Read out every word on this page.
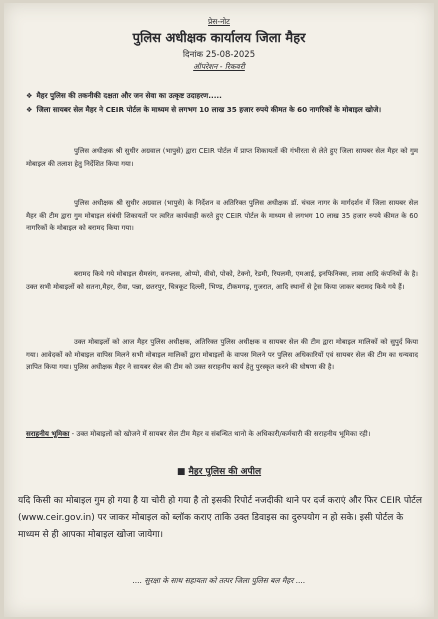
प्रेस-नोट
पुलिस अधीक्षक कार्यालय जिला मैहर
दिनांक 25-08-2025
ऑपरेशन - रिकवरी
❖ मैहर पुलिस की तकनीकी दक्षता और जन सेवा का उत्कृष्ट उदाहरण.....
❖ जिला सायबर सेल मैहर ने CEIR पोर्टल के माध्यम से लगभग 10 लाख 35 हजार रुपये कीमत के 60 नागरिकों के मोबाइल खोजे।
पुलिस अधीक्षक श्री सुधीर अग्रवाल (भापुसे) द्वारा CEIR पोर्टल में प्राप्त शिकायतों की गंभीरता से लेते हुए जिला सायबर सेल मैहर को गुम मोबाइल की तलाश हेतु निर्देशित किया गया।
पुलिस अधीक्षक श्री सुधीर अग्रवाल (भापुसे) के निर्देशन व अतिरिक्त पुलिस अधीक्षक डॉ. चंचल नागर के मार्गदर्शन में जिला सायबर सेल मैहर की टीम द्वारा गुम मोबाइल संबंधी शिकायतों पर त्वरित कार्यवाही करते हुए CEIR पोर्टल के माध्यम से लगभग 10 लाख 35 हजार रुपये कीमत के 60 नागरिकों के मोबाइल को बरामद किया गया।
बरामद किये गये मोबाइल सैमसंग, वनप्लस, ओप्पो, वीवो, पोको, टेक्नो, रेडमी, रियलमी, एमआई, इनफिनिक्स, लावा आदि कंपनियों के है। उक्त सभी मोबाइलों को सतना,मैहर, रीवा, पन्ना, छतरपुर, चित्रकूट दिल्ली, भिण्ड, टीकमगढ़, गुजरात, आदि स्थानों से ट्रेस किया जाकर बरामद किये गये हैं।
उक्त मोबाइलों को आज मैहर पुलिस अधीक्षक, अतिरिक्त पुलिस अधीक्षक व सायबर सेल की टीम द्वारा मोबाइल मालिकों को सुपुर्द किया गया। आवेदकों को मोबाइल वापिस मिलने सभी मोबाइल मालिकों द्वारा मोबाइलों के वापस मिलने पर पुलिस अधिकारियों एवं सायबर सेल की टीम का धन्यवाद ज्ञापित किया गया। पुलिस अधीक्षक मैहर ने सायबर सेल की टीम को उक्त सराहनीय कार्य हेतु पुरस्कृत करने की घोषणा की है।
सराहनीय भूमिका - उक्त मोबाइलों को खोजने में सायबर सेल टीम मैहर व संबन्धित थानो के अधिकारी/कर्मचारी की सराहनीय भूमिका रही।
■ मैहर पुलिस की अपील
यदि किसी का मोबाइल गुम हो गया है या चोरी हो गया है तो इसकी रिपोर्ट नजदीकी थाने पर दर्ज कराएं और फिर CEIR पोर्टल (www.ceir.gov.in) पर जाकर मोबाइल को ब्लॉक कराए ताकि उक्त डिवाइस का दुरुपयोग न हो सके। इसी पोर्टल के माध्यम से ही आपका मोबाइल खोजा जायेगा।
.... सुरक्षा के साथ सहायता को तत्पर जिला पुलिस बल मैहर ....
